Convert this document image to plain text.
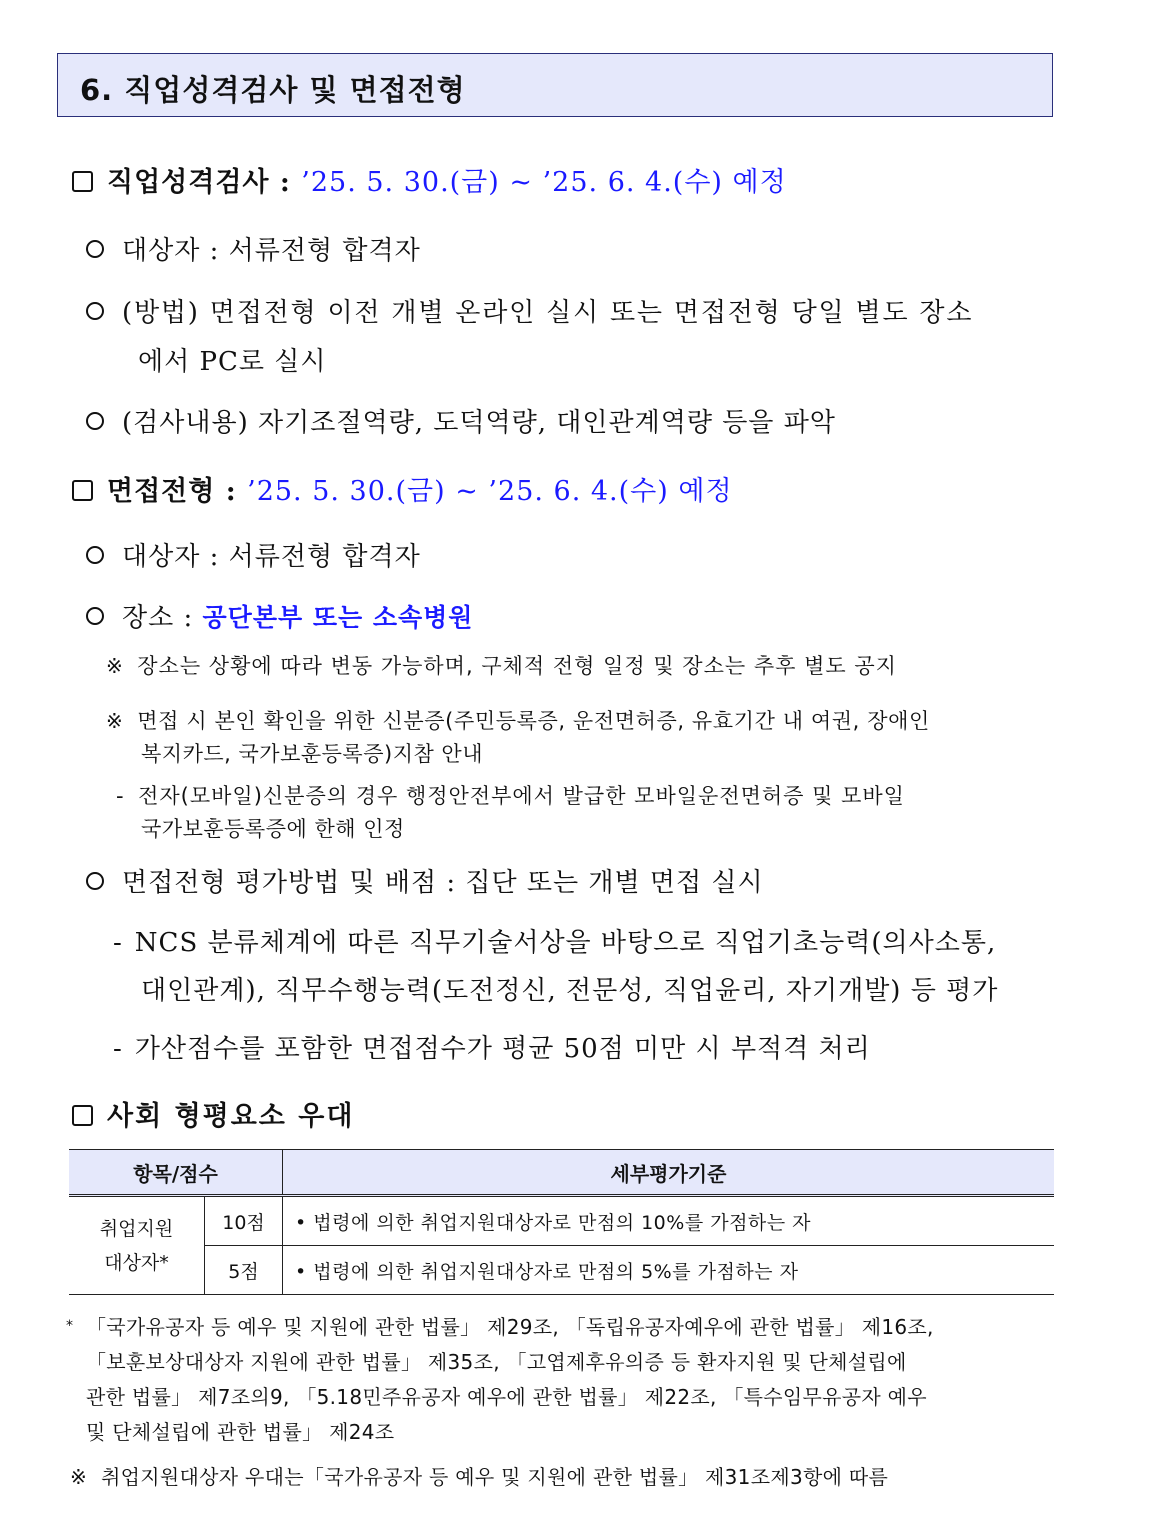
6. 직업성격검사 및 면접전형
직업성격검사 : ’25. 5. 30.(금) ~ ’25. 6. 4.(수) 예정
대상자 : 서류전형 합격자
(방법) 면접전형 이전 개별 온라인 실시 또는 면접전형 당일 별도 장소
에서 PC로 실시
(검사내용) 자기조절역량, 도덕역량, 대인관계역량 등을 파악
면접전형 : ’25. 5. 30.(금) ~ ’25. 6. 4.(수) 예정
대상자 : 서류전형 합격자
장소 : 공단본부 또는 소속병원
※ 장소는 상황에 따라 변동 가능하며, 구체적 전형 일정 및 장소는 추후 별도 공지
※ 면접 시 본인 확인을 위한 신분증(주민등록증, 운전면허증, 유효기간 내 여권, 장애인
복지카드, 국가보훈등록증)지참 안내
- 전자(모바일)신분증의 경우 행정안전부에서 발급한 모바일운전면허증 및 모바일
국가보훈등록증에 한해 인정
면접전형 평가방법 및 배점 : 집단 또는 개별 면접 실시
- NCS 분류체계에 따른 직무기술서상을 바탕으로 직업기초능력(의사소통,
대인관계), 직무수행능력(도전정신, 전문성, 직업윤리, 자기개발) 등 평가
- 가산점수를 포함한 면접점수가 평균 50점 미만 시 부적격 처리
사회 형평요소 우대
항목/점수		세부평가기준

취업지원
대상자*	10점	• 법령에 의한 취업지원대상자로 만점의 10%를 가점하는 자
	5점	• 법령에 의한 취업지원대상자로 만점의 5%를 가점하는 자
* 「국가유공자 등 예우 및 지원에 관한 법률」 제29조, 「독립유공자예우에 관한 법률」 제16조,
「보훈보상대상자 지원에 관한 법률」 제35조, 「고엽제후유의증 등 환자지원 및 단체설립에
관한 법률」 제7조의9, 「5.18민주유공자 예우에 관한 법률」 제22조, 「특수임무유공자 예우
및 단체설립에 관한 법률」 제24조
※ 취업지원대상자 우대는「국가유공자 등 예우 및 지원에 관한 법률」 제31조제3항에 따름
